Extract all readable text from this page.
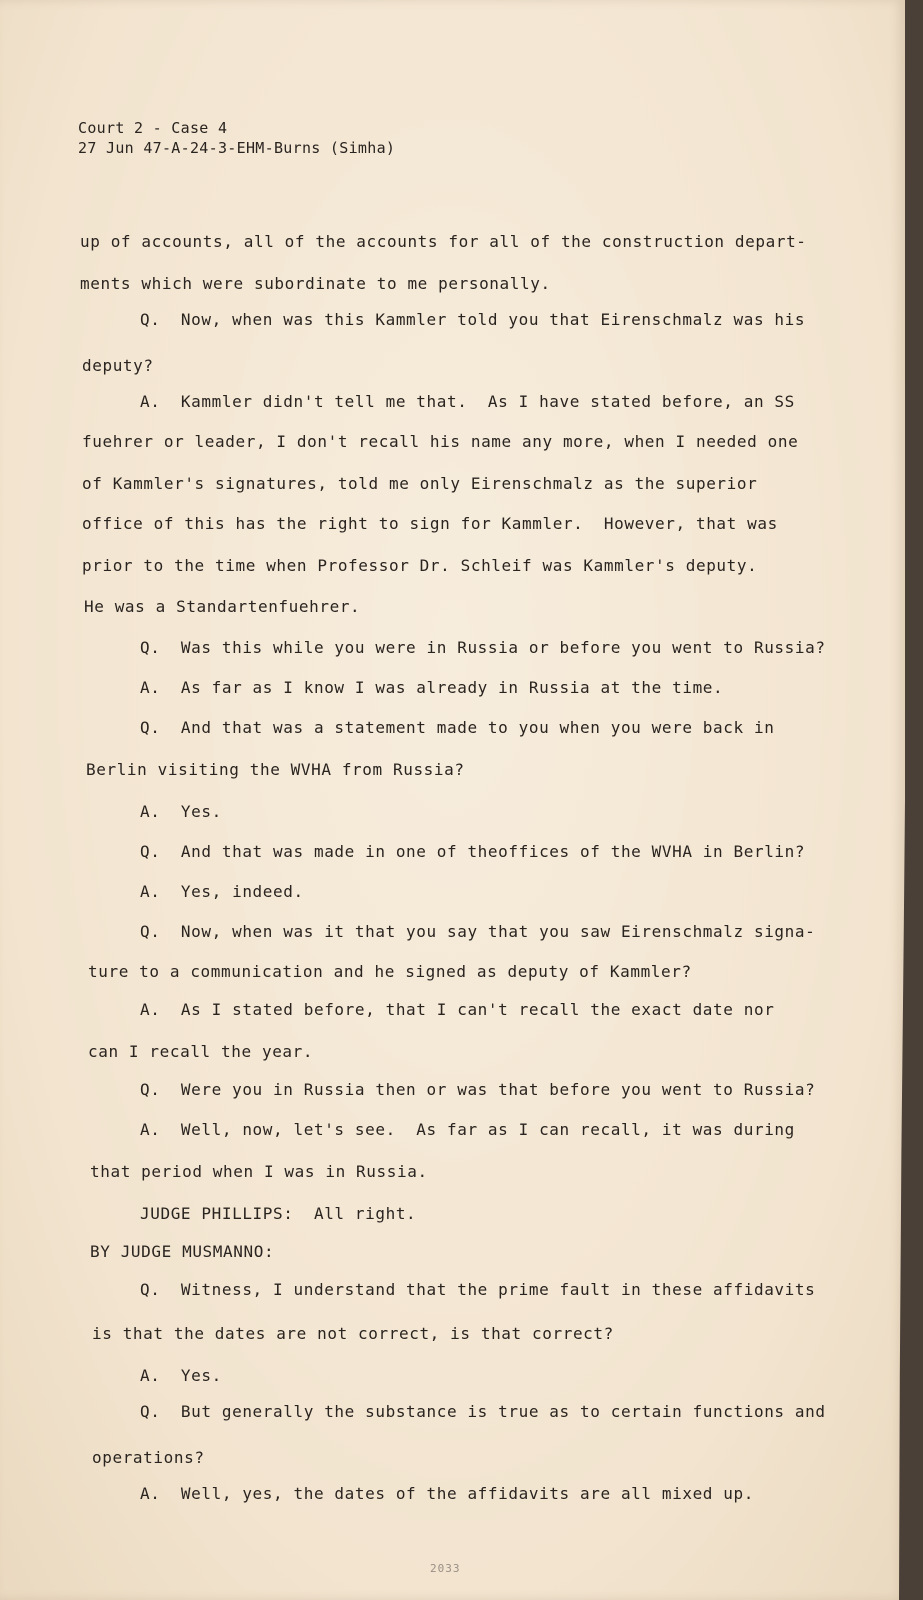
Court 2 - Case 4
27 Jun 47-A-24-3-EHM-Burns (Simha)
up of accounts, all of the accounts for all of the construction depart-
ments which were subordinate to me personally.
Q.  Now, when was this Kammler told you that Eirenschmalz was his
deputy?
A.  Kammler didn't tell me that.  As I have stated before, an SS
fuehrer or leader, I don't recall his name any more, when I needed one
of Kammler's signatures, told me only Eirenschmalz as the superior
office of this has the right to sign for Kammler.  However, that was
prior to the time when Professor Dr. Schleif was Kammler's deputy.
He was a Standartenfuehrer.
Q.  Was this while you were in Russia or before you went to Russia?
A.  As far as I know I was already in Russia at the time.
Q.  And that was a statement made to you when you were back in
Berlin visiting the WVHA from Russia?
A.  Yes.
Q.  And that was made in one of theoffices of the WVHA in Berlin?
A.  Yes, indeed.
Q.  Now, when was it that you say that you saw Eirenschmalz signa-
ture to a communication and he signed as deputy of Kammler?
A.  As I stated before, that I can't recall the exact date nor
can I recall the year.
Q.  Were you in Russia then or was that before you went to Russia?
A.  Well, now, let's see.  As far as I can recall, it was during
that period when I was in Russia.
JUDGE PHILLIPS:  All right.
BY JUDGE MUSMANNO:
Q.  Witness, I understand that the prime fault in these affidavits
is that the dates are not correct, is that correct?
A.  Yes.
Q.  But generally the substance is true as to certain functions and
operations?
A.  Well, yes, the dates of the affidavits are all mixed up.
2033
